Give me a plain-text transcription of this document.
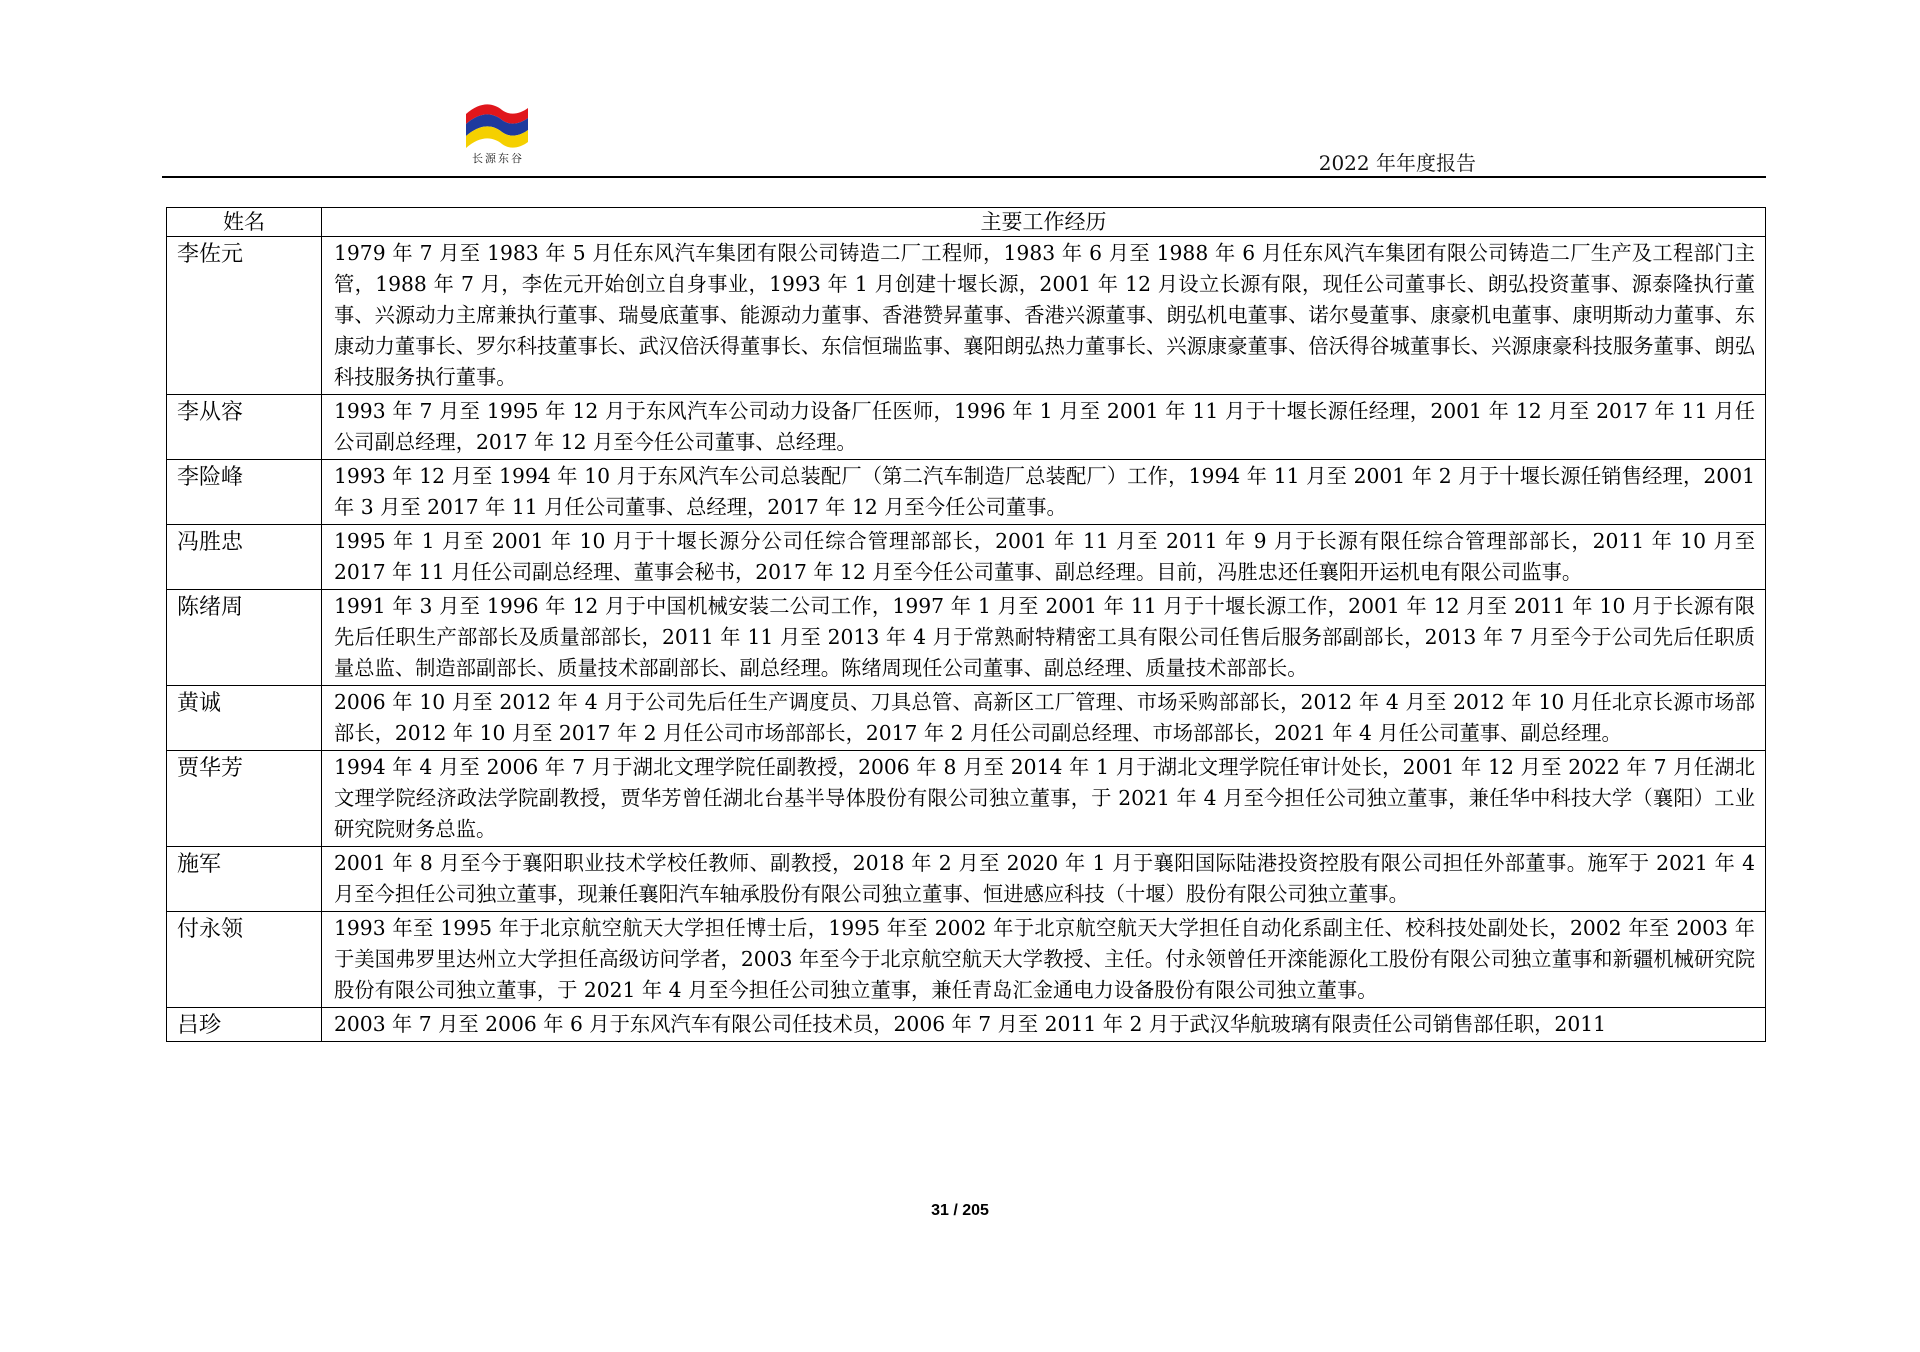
长源东谷	2022 年年度报告
姓名	主要工作经历
李佐元	1979 年 7 月至 1983 年 5 月任东风汽车集团有限公司铸造二厂工程师，1983 年 6 月至 1988 年 6 月任东风汽车集团有限公司铸造二厂生产及工程部门主管，1988 年 7 月，李佐元开始创立自身事业，1993 年 1 月创建十堰长源，2001 年 12 月设立长源有限，现任公司董事长、朗弘投资董事、源泰隆执行董事、兴源动力主席兼执行董事、瑞曼底董事、能源动力董事、香港赞昇董事、香港兴源董事、朗弘机电董事、诺尔曼董事、康豪机电董事、康明斯动力董事、东康动力董事长、罗尔科技董事长、武汉倍沃得董事长、东信恒瑞监事、襄阳朗弘热力董事长、兴源康豪董事、倍沃得谷城董事长、兴源康豪科技服务董事、朗弘科技服务执行董事。
李从容	1993 年 7 月至 1995 年 12 月于东风汽车公司动力设备厂任医师，1996 年 1 月至 2001 年 11 月于十堰长源任经理，2001 年 12 月至 2017 年 11 月任公司副总经理，2017 年 12 月至今任公司董事、总经理。
李险峰	1993 年 12 月至 1994 年 10 月于东风汽车公司总装配厂（第二汽车制造厂总装配厂）工作，1994 年 11 月至 2001 年 2 月于十堰长源任销售经理，2001 年 3 月至 2017 年 11 月任公司董事、总经理，2017 年 12 月至今任公司董事。
冯胜忠	1995 年 1 月至 2001 年 10 月于十堰长源分公司任综合管理部部长，2001 年 11 月至 2011 年 9 月于长源有限任综合管理部部长，2011 年 10 月至 2017 年 11 月任公司副总经理、董事会秘书，2017 年 12 月至今任公司董事、副总经理。目前，冯胜忠还任襄阳开运机电有限公司监事。
陈绪周	1991 年 3 月至 1996 年 12 月于中国机械安装二公司工作，1997 年 1 月至 2001 年 11 月于十堰长源工作，2001 年 12 月至 2011 年 10 月于长源有限先后任职生产部部长及质量部部长，2011 年 11 月至 2013 年 4 月于常熟耐特精密工具有限公司任售后服务部副部长，2013 年 7 月至今于公司先后任职质量总监、制造部副部长、质量技术部副部长、副总经理。陈绪周现任公司董事、副总经理、质量技术部部长。
黄诚	2006 年 10 月至 2012 年 4 月于公司先后任生产调度员、刀具总管、高新区工厂管理、市场采购部部长，2012 年 4 月至 2012 年 10 月任北京长源市场部部长，2012 年 10 月至 2017 年 2 月任公司市场部部长，2017 年 2 月任公司副总经理、市场部部长，2021 年 4 月任公司董事、副总经理。
贾华芳	1994 年 4 月至 2006 年 7 月于湖北文理学院任副教授，2006 年 8 月至 2014 年 1 月于湖北文理学院任审计处长，2001 年 12 月至 2022 年 7 月任湖北文理学院经济政法学院副教授，贾华芳曾任湖北台基半导体股份有限公司独立董事，于 2021 年 4 月至今担任公司独立董事，兼任华中科技大学（襄阳）工业研究院财务总监。
施军	2001 年 8 月至今于襄阳职业技术学校任教师、副教授，2018 年 2 月至 2020 年 1 月于襄阳国际陆港投资控股有限公司担任外部董事。施军于 2021 年 4 月至今担任公司独立董事，现兼任襄阳汽车轴承股份有限公司独立董事、恒进感应科技（十堰）股份有限公司独立董事。
付永领	1993 年至 1995 年于北京航空航天大学担任博士后，1995 年至 2002 年于北京航空航天大学担任自动化系副主任、校科技处副处长，2002 年至 2003 年于美国弗罗里达州立大学担任高级访问学者，2003 年至今于北京航空航天大学教授、主任。付永领曾任开滦能源化工股份有限公司独立董事和新疆机械研究院股份有限公司独立董事，于 2021 年 4 月至今担任公司独立董事，兼任青岛汇金通电力设备股份有限公司独立董事。
吕珍	2003 年 7 月至 2006 年 6 月于东风汽车有限公司任技术员，2006 年 7 月至 2011 年 2 月于武汉华航玻璃有限责任公司销售部任职，2011
31 / 205
